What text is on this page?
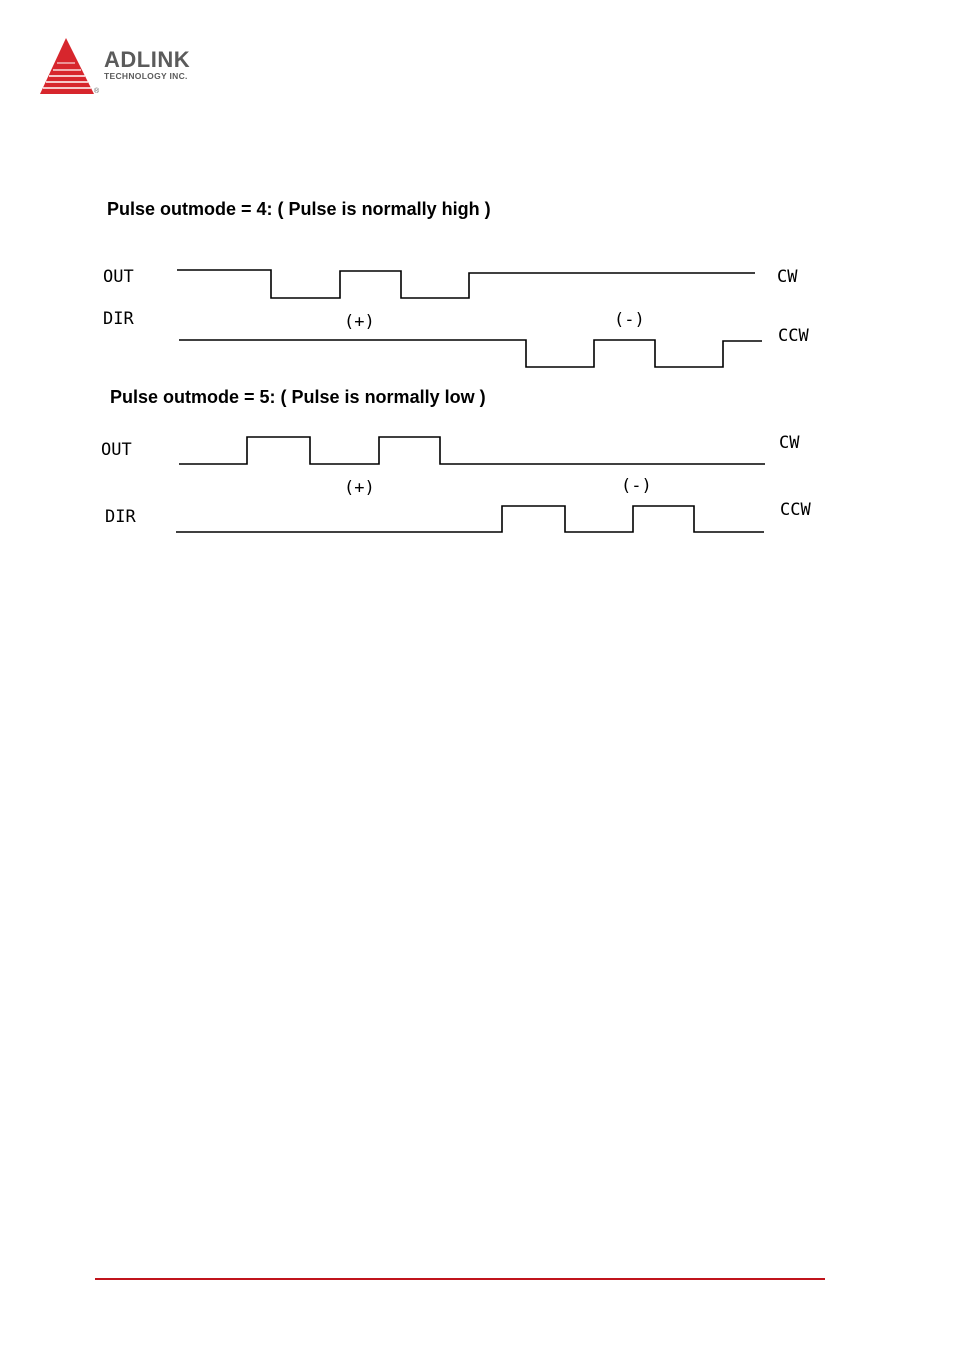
ADLINK
TECHNOLOGY INC.
®
Pulse outmode = 4: ( Pulse is normally high )
OUT
DIR
CW
CCW
(+)	(-)
Pulse outmode = 5: ( Pulse is normally low )
OUT
DIR
CW
CCW
(+)	(-)
